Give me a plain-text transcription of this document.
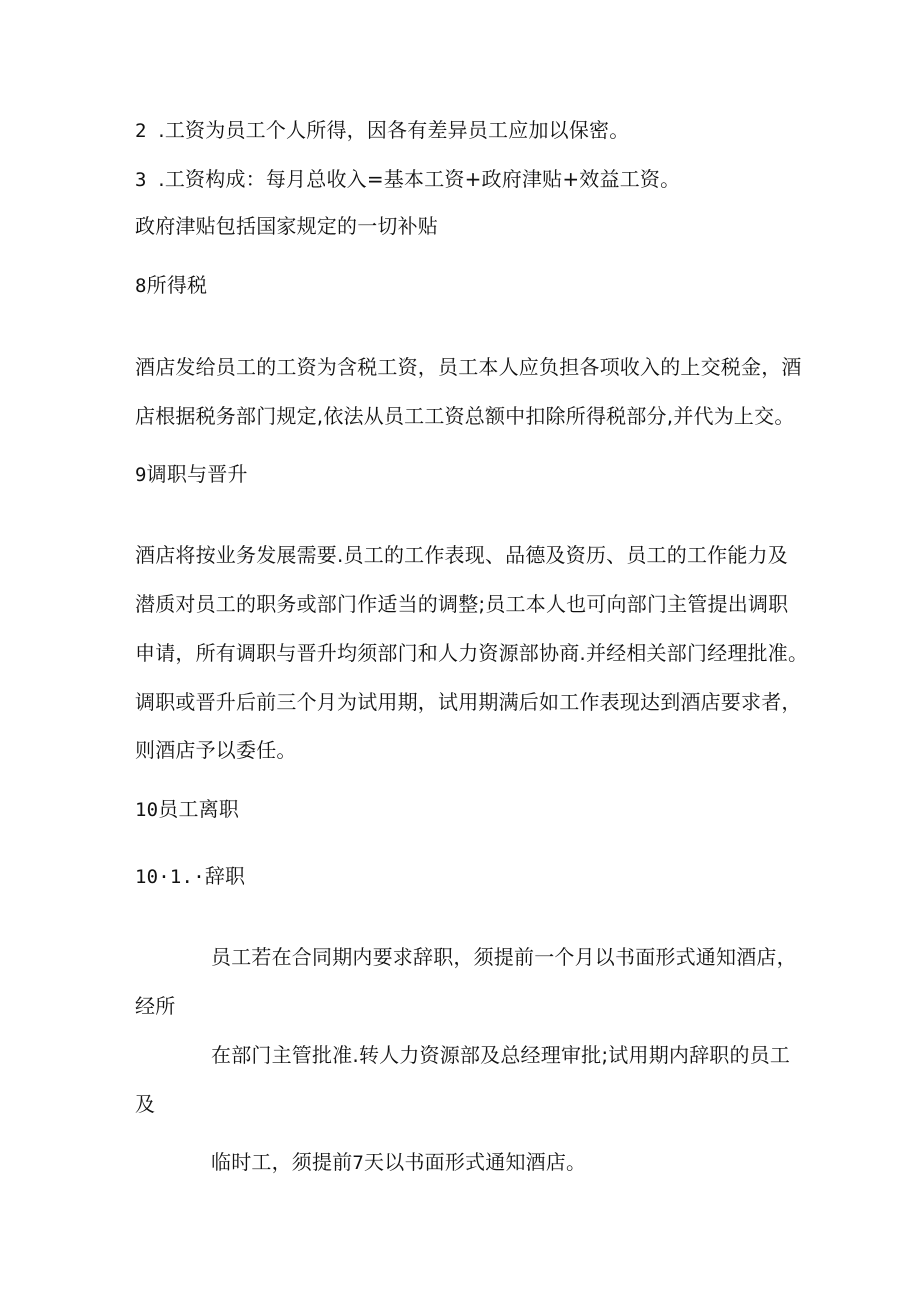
2 .工资为员工个人所得，因各有差异员工应加以保密。
3 .工资构成：每月总收入=基本工资+政府津贴+效益工资。
政府津贴包括国家规定的一切补贴
8所得税
酒店发给员工的工资为含税工资，员工本人应负担各项收入的上交税金，酒
店根据税务部门规定,依法从员工工资总额中扣除所得税部分,并代为上交。
9调职与晋升
酒店将按业务发展需要.员工的工作表现、品德及资历、员工的工作能力及
潜质对员工的职务或部门作适当的调整;员工本人也可向部门主管提出调职
申请，所有调职与晋升均须部门和人力资源部协商.并经相关部门经理批准。
调职或晋升后前三个月为试用期，试用期满后如工作表现达到酒店要求者，
则酒店予以委任。
10员工离职
10·1.·辞职
员工若在合同期内要求辞职，须提前一个月以书面形式通知酒店，
经所
在部门主管批准.转人力资源部及总经理审批;试用期内辞职的员工
及
临时工，须提前7天以书面形式通知酒店。
